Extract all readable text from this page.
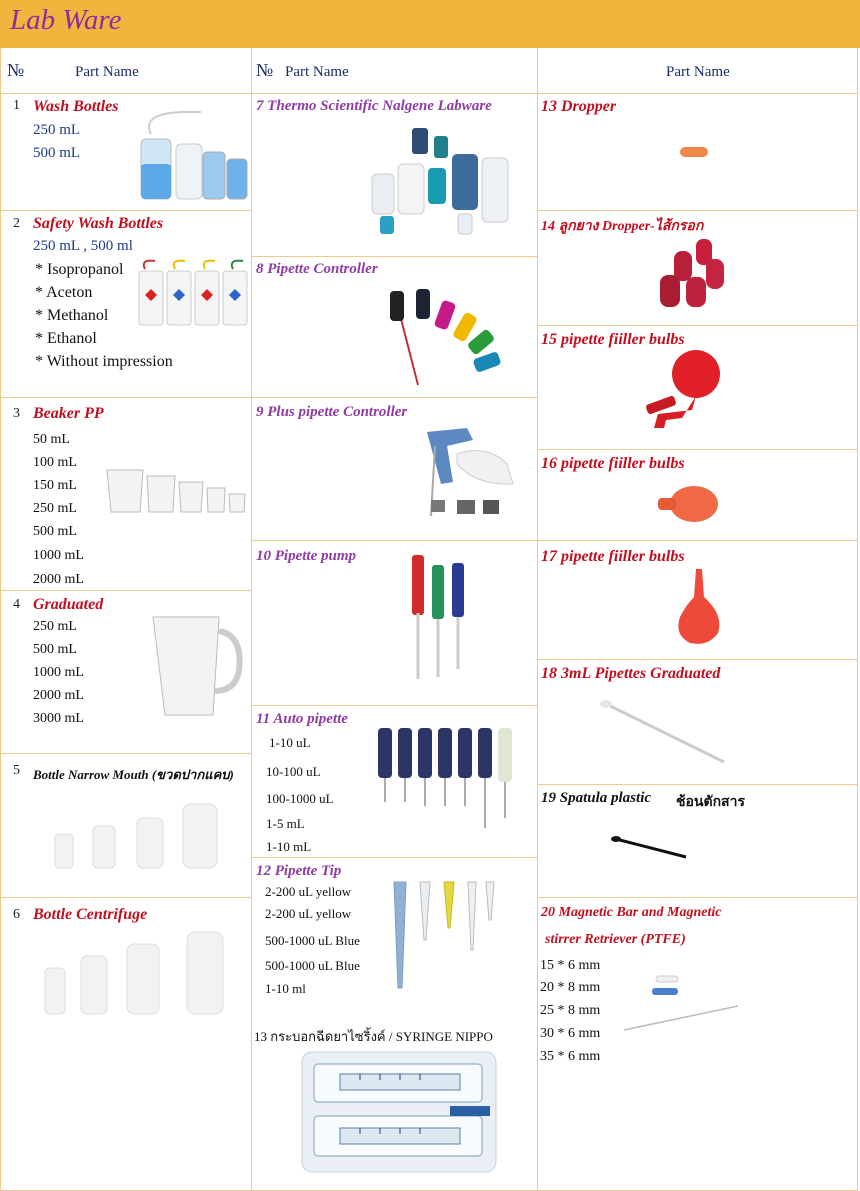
Lab Ware
№	Part Name	№ Part Name	Part Name
1 Wash Bottles
250 mL
500 mL
2 Safety Wash Bottles
250 mL , 500 ml
* Isopropanol
* Aceton
* Methanol
* Ethanol
* Without impression
3 Beaker PP
50 mL
100 mL
150 mL
250 mL
500 mL
1000 mL
2000 mL
4 Graduated
250 mL
500 mL
1000 mL
2000 mL
3000 mL
5 Bottle Narrow Mouth (ขวดปากแคบ)
6 Bottle Centrifuge
7 Thermo Scientific Nalgene Labware
8 Pipette Controller
9 Plus pipette Controller
10 Pipette pump
11 Auto pipette
1-10 uL
10-100 uL
100-1000 uL
1-5 mL
1-10 mL
12 Pipette Tip
2-200 uL yellow
2-200 uL yellow
500-1000 uL Blue
500-1000 uL Blue
1-10 ml
13 กระบอกฉีดยาไซริ้งค์ / SYRINGE NIPPO
13 Dropper
14 ลูกยาง Dropper-ไส้กรอก
15 pipette fiiller bulbs
16 pipette fiiller bulbs
17 pipette fiiller bulbs
18 3mL Pipettes Graduated
19 Spatula plastic ช้อนตักสาร
20 Magnetic Bar and Magnetic
stirrer Retriever (PTFE)
15 * 6 mm
20 * 8 mm
25 * 8 mm
30 * 6 mm
35 * 6 mm
